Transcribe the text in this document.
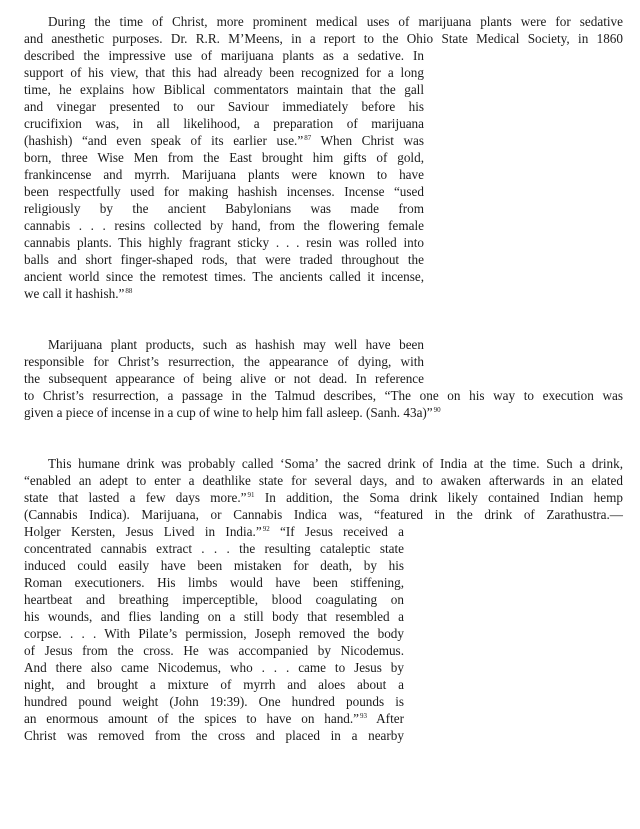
During the time of Christ, more prominent medical uses of marijuana plants were for sedative
and anesthetic purposes. Dr. R.R. M’Meens, in a report to the Ohio State Medical Society, in 1860
described the impressive use of marijuana plants as a sedative. In
support of his view, that this had already been recognized for a long
time, he explains how Biblical commentators maintain that the gall
and vinegar presented to our Saviour immediately before his
crucifixion was, in all likelihood, a preparation of marijuana
(hashish) “and even speak of its earlier use.”$^{87}$ When Christ was
born, three Wise Men from the East brought him gifts of gold,
frankincense and myrrh. Marijuana plants were known to have
been respectfully used for making hashish incenses. Incense “used
religiously by the ancient Babylonians was made from
cannabis . . . resins collected by hand, from the flowering female
cannabis plants. This highly fragrant sticky . . . resin was rolled into
balls and short finger-shaped rods, that were traded throughout the
ancient world since the remotest times. The ancients called it incense,
we call it hashish.”$^{88}$
Marijuana plant products, such as hashish may well have been
responsible for Christ’s resurrection, the appearance of dying, with
the subsequent appearance of being alive or not dead. In reference
to Christ’s resurrection, a passage in the Talmud describes, “The one on his way to execution was
given a piece of incense in a cup of wine to help him fall asleep. (Sanh. 43a)”$^{90}$
This humane drink was probably called ‘Soma’ the sacred drink of India at the time. Such a drink,
“enabled an adept to enter a deathlike state for several days, and to awaken afterwards in an elated
state that lasted a few days more.”$^{91}$ In addition, the Soma drink likely contained Indian hemp
(Cannabis Indica). Marijuana, or Cannabis Indica was, “featured in the drink of Zarathustra.—
Holger Kersten, Jesus Lived in India.”$^{92}$ “If Jesus received a
concentrated cannabis extract . . . the resulting cataleptic state
induced could easily have been mistaken for death, by his
Roman executioners. His limbs would have been stiffening,
heartbeat and breathing imperceptible, blood coagulating on
his wounds, and flies landing on a still body that resembled a
corpse. . . . With Pilate’s permission, Joseph removed the body
of Jesus from the cross. He was accompanied by Nicodemus.
And there also came Nicodemus, who . . . came to Jesus by
night, and brought a mixture of myrrh and aloes about a
hundred pound weight (John 19:39). One hundred pounds is
an enormous amount of the spices to have on hand.”$^{93}$ After
Christ was removed from the cross and placed in a nearby
